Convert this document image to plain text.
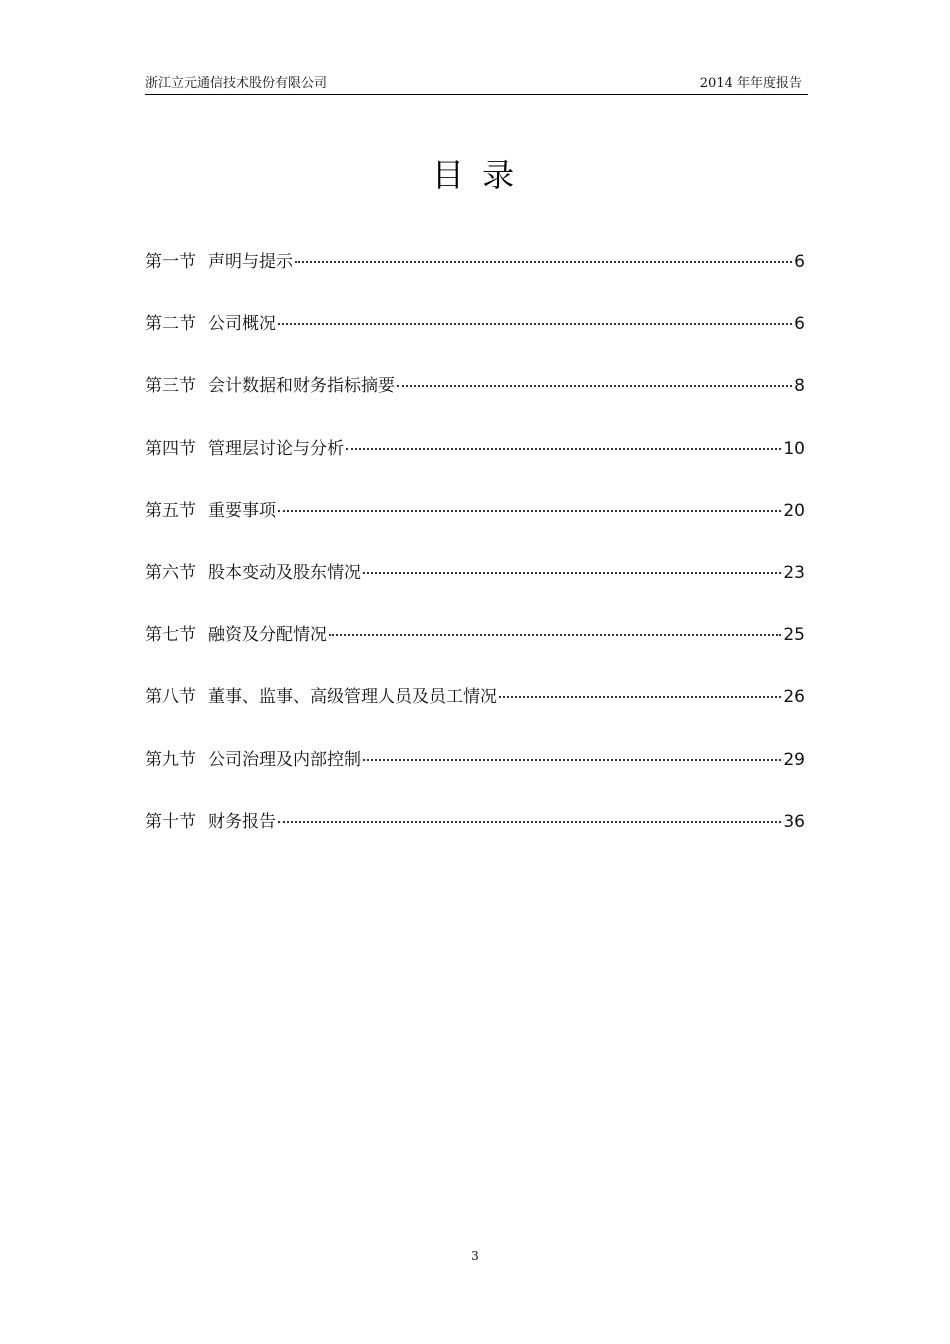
浙江立元通信技术股份有限公司	2014 年年度报告
目 录
第一节 声明与提示	6
第二节 公司概况	6
第三节 会计数据和财务指标摘要	8
第四节 管理层讨论与分析	10
第五节 重要事项	20
第六节 股本变动及股东情况	23
第七节 融资及分配情况	25
第八节 董事、监事、高级管理人员及员工情况	26
第九节 公司治理及内部控制	29
第十节 财务报告	36
3
